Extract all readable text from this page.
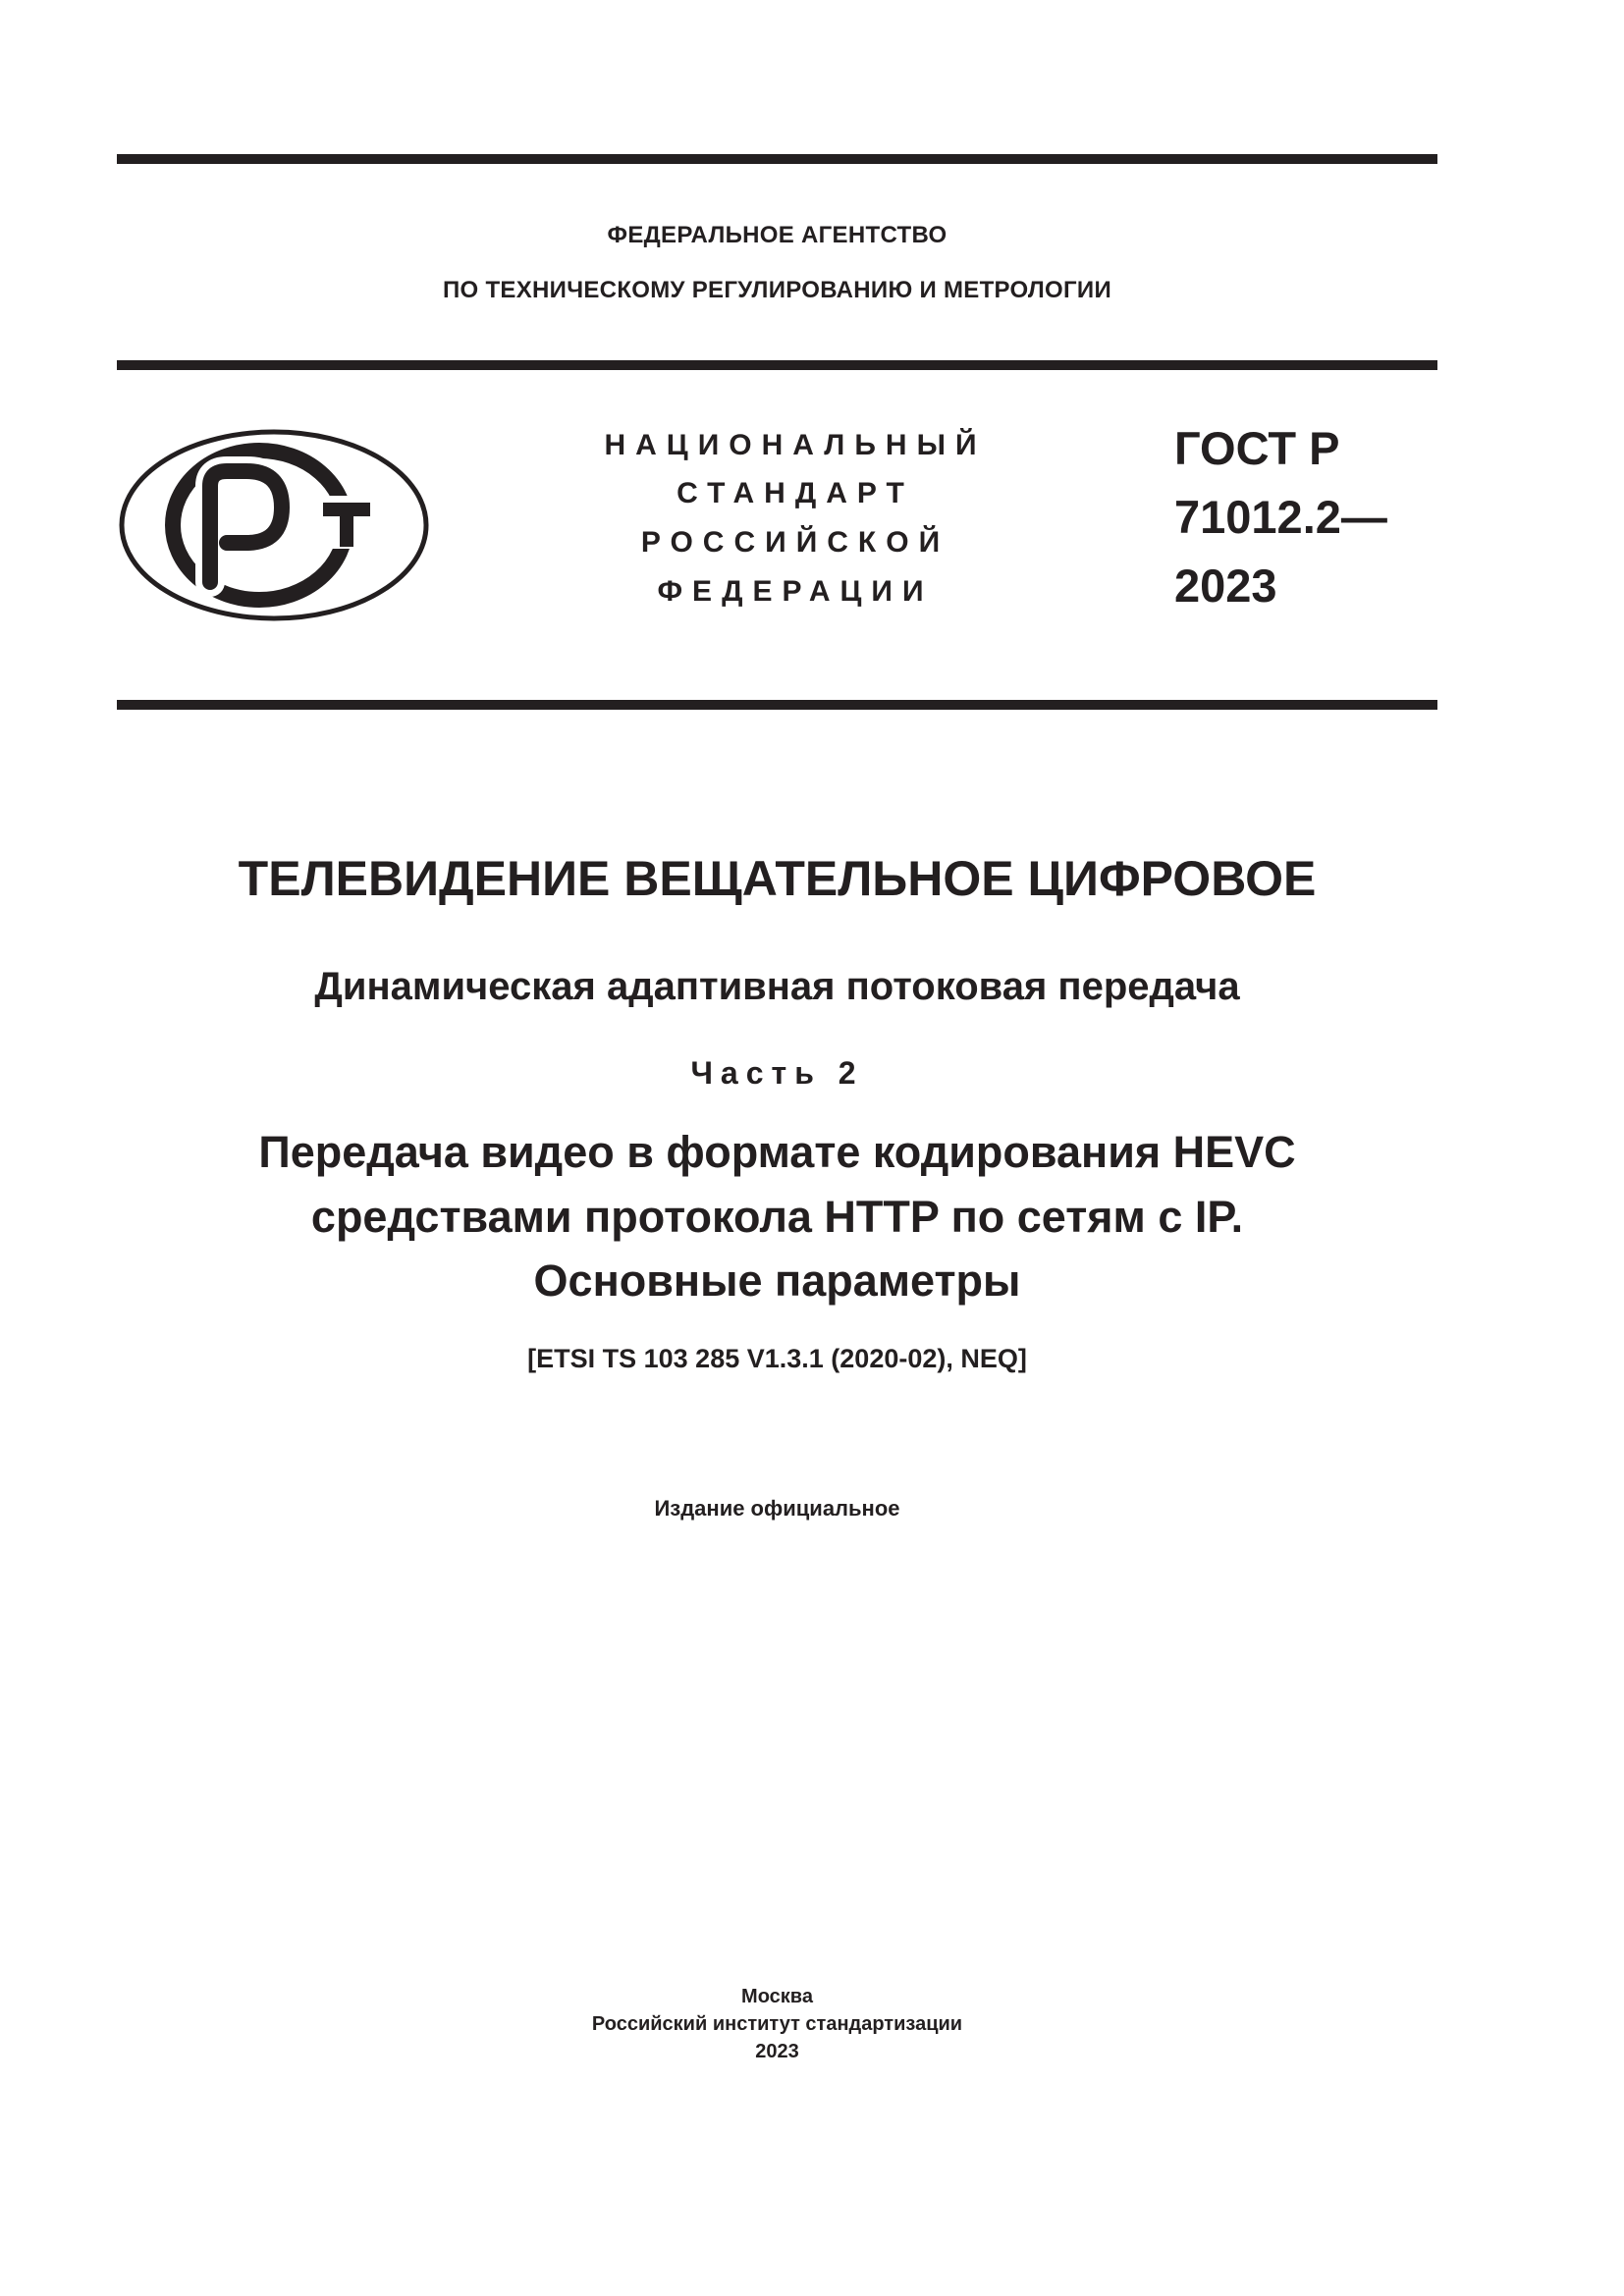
ФЕДЕРАЛЬНОЕ АГЕНТСТВО
ПО ТЕХНИЧЕСКОМУ РЕГУЛИРОВАНИЮ И МЕТРОЛОГИИ
НАЦИОНАЛЬНЫЙ
СТАНДАРТ
РОССИЙСКОЙ
ФЕДЕРАЦИИ
ГОСТ Р
71012.2—
2023
ТЕЛЕВИДЕНИЕ ВЕЩАТЕЛЬНОЕ ЦИФРОВОЕ
Динамическая адаптивная потоковая передача
Часть 2
Передача видео в формате кодирования HEVC
средствами протокола HTTP по сетям с IP.
Основные параметры
[ETSI TS 103 285 V1.3.1 (2020-02), NEQ]
Издание официальное
Москва
Российский институт стандартизации
2023
